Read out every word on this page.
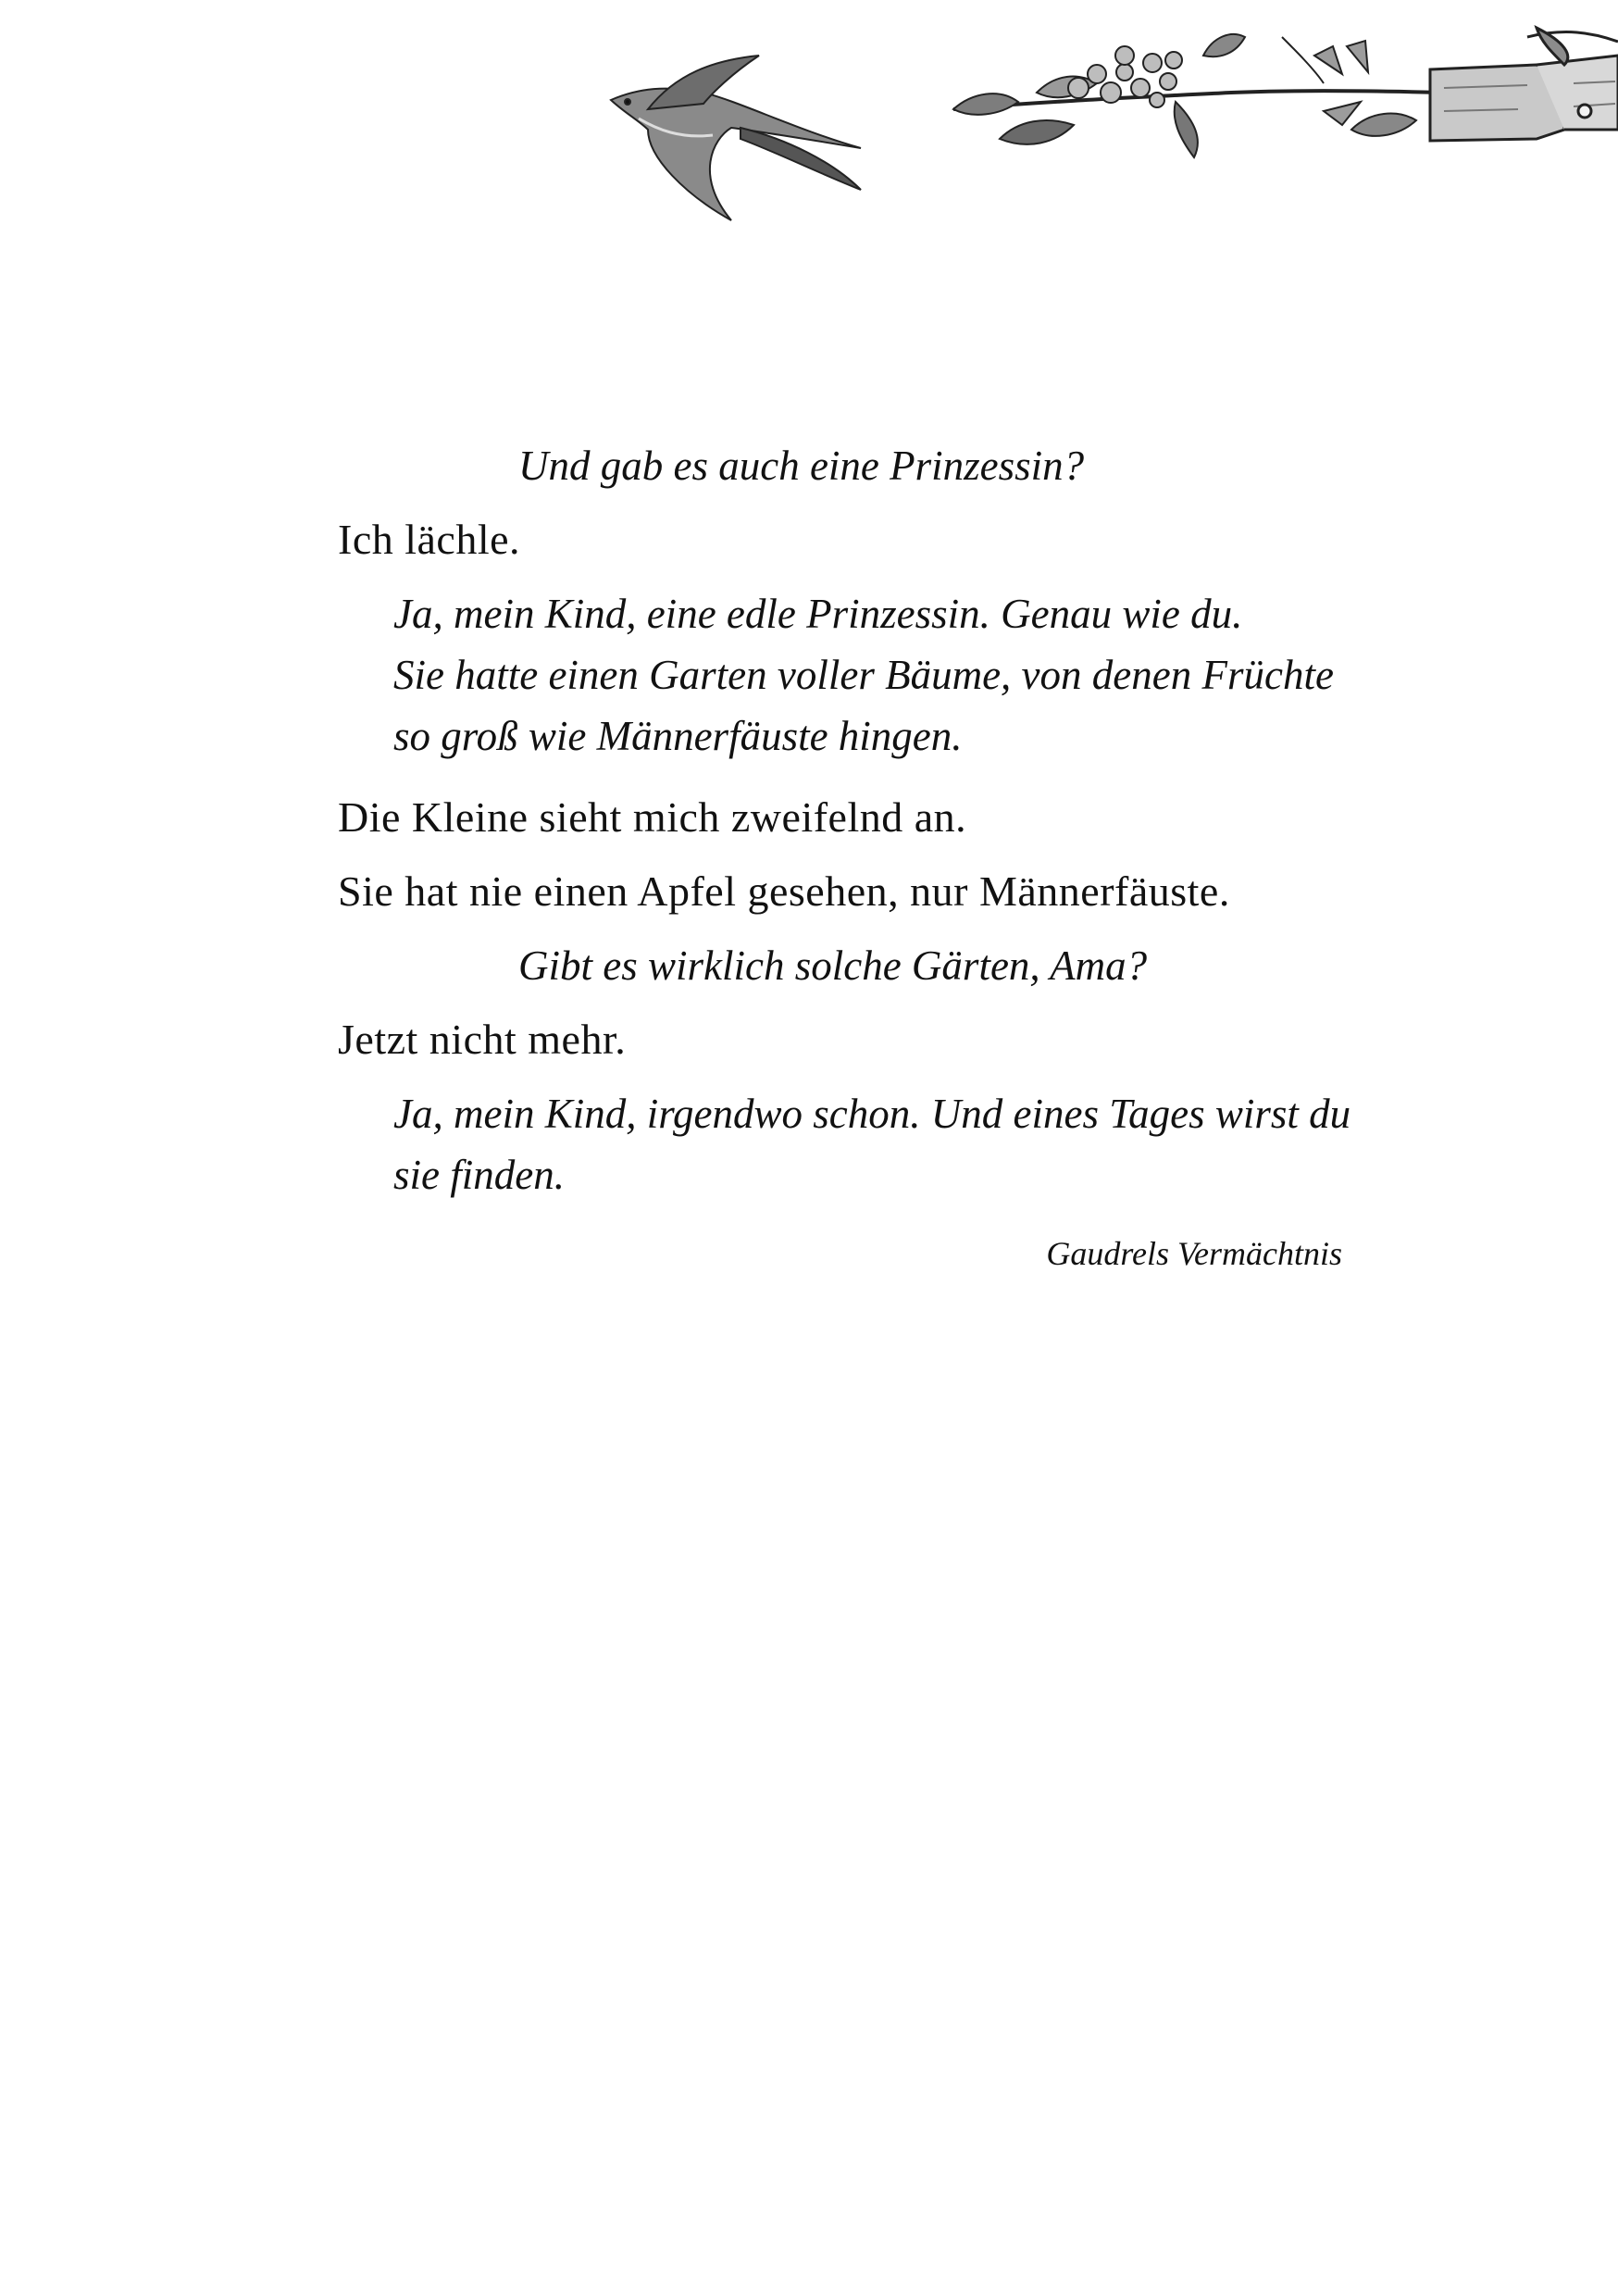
Und gab es auch eine Prinzessin?

Ich lächle.

Ja, mein Kind, eine edle Prinzessin. Genau wie du.

Sie hatte einen Garten voller Bäume, von denen Früchte

so groß wie Männerfäuste hingen.

Die Kleine sieht mich zweifelnd an.

Sie hat nie einen Apfel gesehen, nur Männerfäuste.

Gibt es wirklich solche Gärten, Ama?

Jetzt nicht mehr.

Ja, mein Kind, irgendwo schon. Und eines Tages wirst du

sie finden.

Gaudrels Vermächtnis
